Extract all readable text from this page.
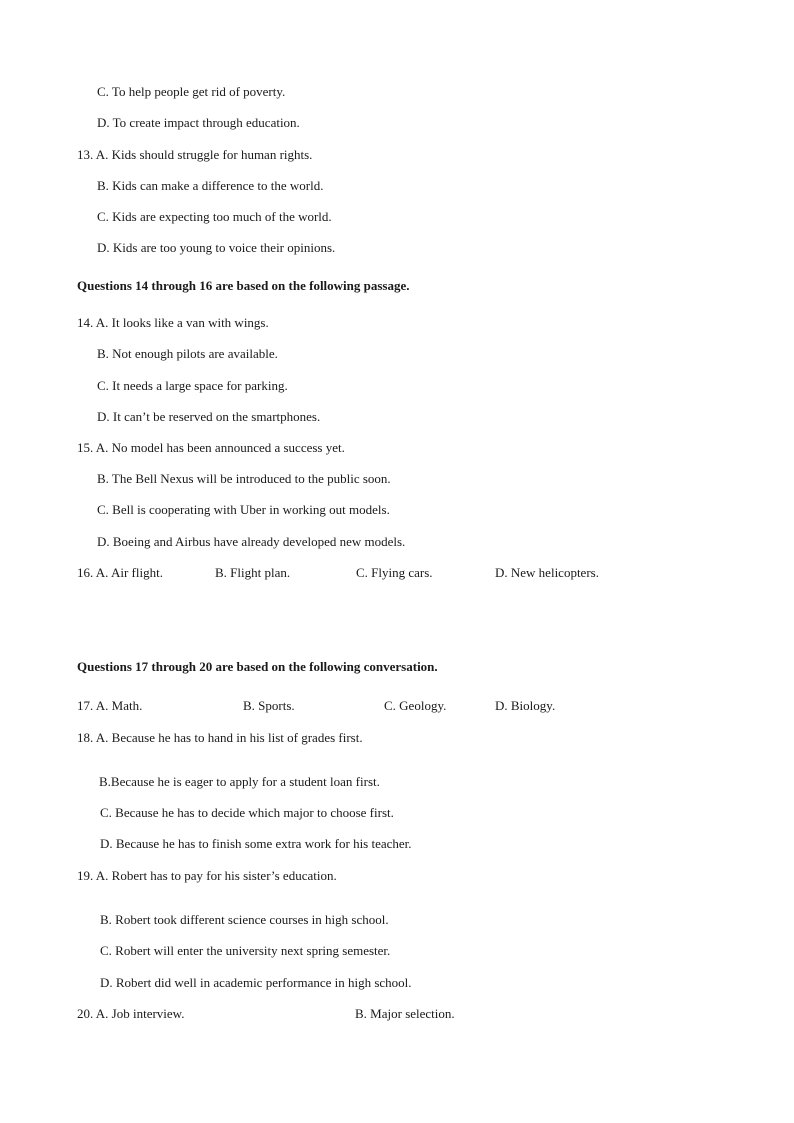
C. To help people get rid of poverty.
D. To create impact through education.
13. A. Kids should struggle for human rights.
B. Kids can make a difference to the world.
C. Kids are expecting too much of the world.
D. Kids are too young to voice their opinions.
Questions 14 through 16 are based on the following passage.
14. A. It looks like a van with wings.
B. Not enough pilots are available.
C. It needs a large space for parking.
D. It can’t be reserved on the smartphones.
15. A. No model has been announced a success yet.
B. The Bell Nexus will be introduced to the public soon.
C. Bell is cooperating with Uber in working out models.
D. Boeing and Airbus have already developed new models.
16. A. Air flight.	B. Flight plan.	C. Flying cars.	D. New helicopters.
Questions 17 through 20 are based on the following conversation.
17. A. Math.	B. Sports.	C. Geology.	D. Biology.
18. A. Because he has to hand in his list of grades first.
B.Because he is eager to apply for a student loan first.
C. Because he has to decide which major to choose first.
D. Because he has to finish some extra work for his teacher.
19. A. Robert has to pay for his sister’s education.
B. Robert took different science courses in high school.
C. Robert will enter the university next spring semester.
D. Robert did well in academic performance in high school.
20. A. Job interview.	B. Major selection.
